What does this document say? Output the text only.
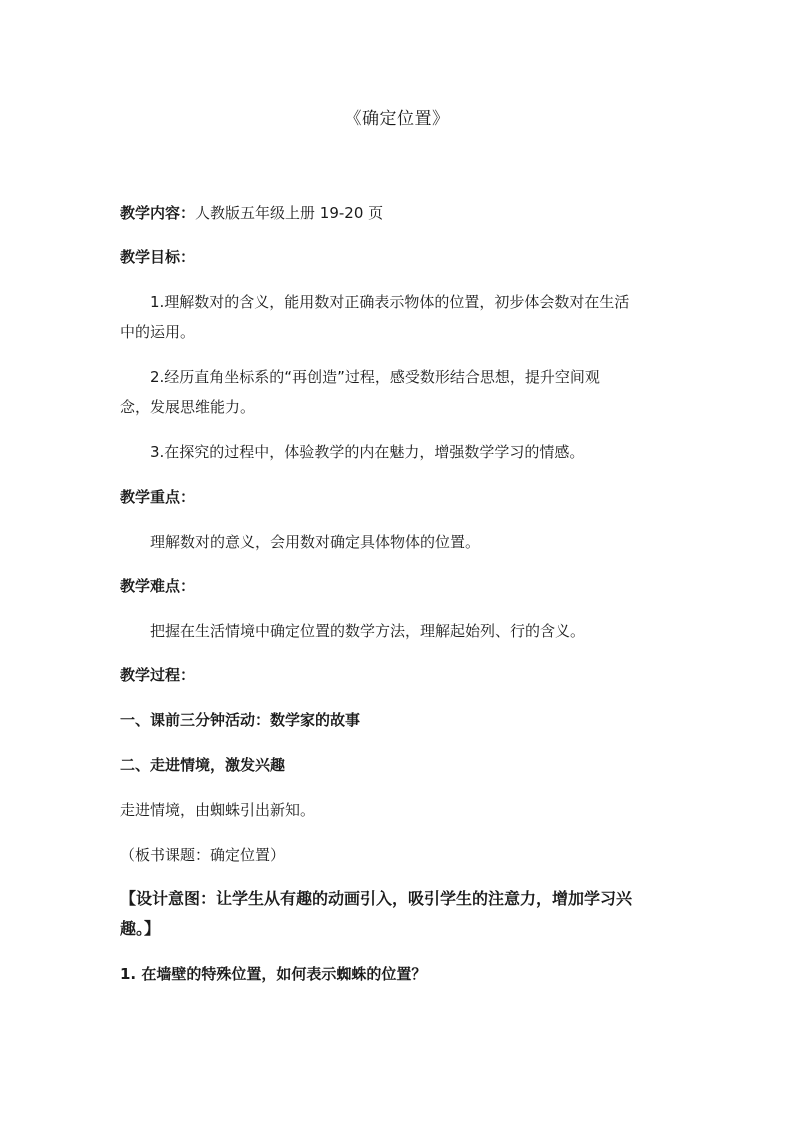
《确定位置》
教学内容：人教版五年级上册 19-20 页
教学目标：
1.理解数对的含义，能用数对正确表示物体的位置，初步体会数对在生活
中的运用。
2.经历直角坐标系的“再创造”过程，感受数形结合思想，提升空间观
念，发展思维能力。
3.在探究的过程中，体验教学的内在魅力，增强数学学习的情感。
教学重点：
理解数对的意义，会用数对确定具体物体的位置。
教学难点：
把握在生活情境中确定位置的数学方法，理解起始列、行的含义。
教学过程：
一、课前三分钟活动：数学家的故事
二、走进情境，激发兴趣
走进情境，由蜘蛛引出新知。
（板书课题：确定位置）
【设计意图：让学生从有趣的动画引入，吸引学生的注意力，增加学习兴
趣。】
1. 在墙壁的特殊位置，如何表示蜘蛛的位置？
